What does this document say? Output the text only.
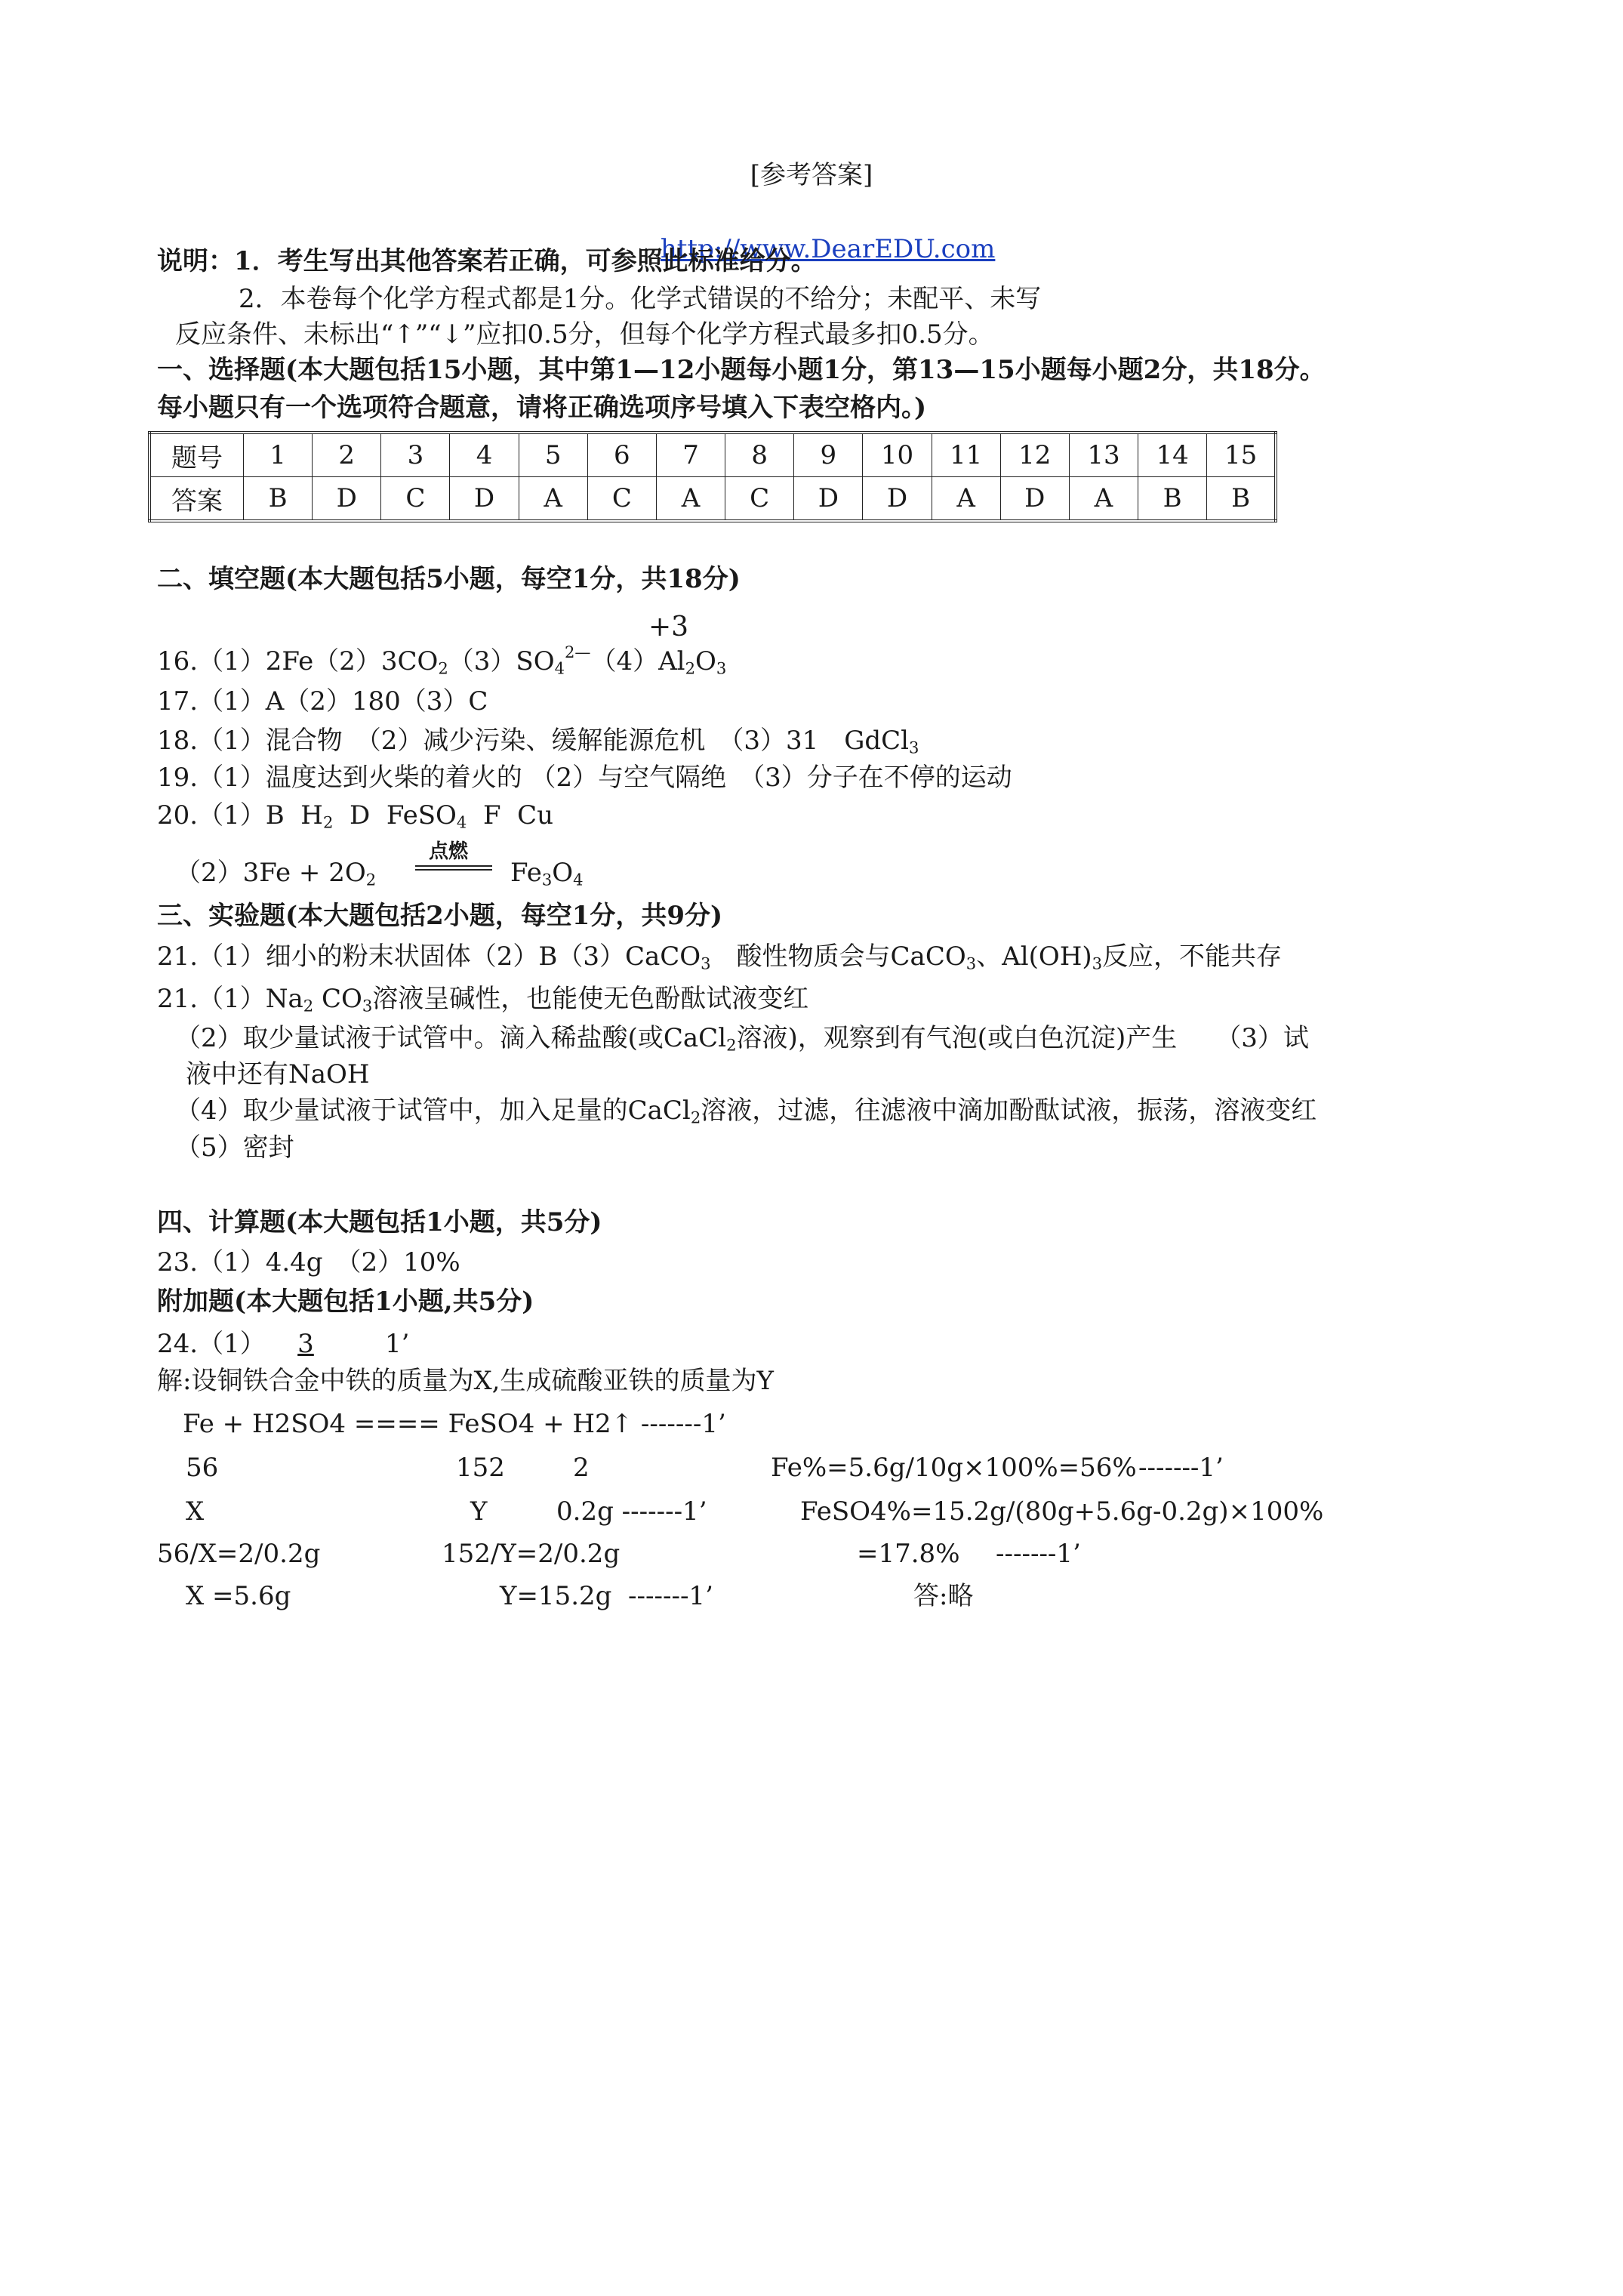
[参考答案]

http://www.DearEDU.com

说明：1．考生写出其他答案若正确，可参照此标准给分。
2．本卷每个化学方程式都是1分。化学式错误的不给分；未配平、未写
反应条件、未标出“↑”“↓”应扣0.5分，但每个化学方程式最多扣0.5分。
一、选择题(本大题包括15小题，其中第1—12小题每小题1分，第13—15小题每小题2分，共18分。
每小题只有一个选项符合题意，请将正确选项序号填入下表空格内。)
题号	1	2	3	4	5	6	7	8	9	10	11	12	13	14	15
答案	B	D	C	D	A	C	A	C	D	D	A	D	A	B	B
二、填空题(本大题包括5小题，每空1分，共18分)
+3
$16.(1)2Fe(2)3CO_2(3)SO_4^{2—}(4)Al_2O_3$
17.（1）A（2）180（3）C
18.（1）混合物　（2）减少污染、缓解能源危机　（3）31　GdCl$_3$
19.（1）温度达到火柴的着火的 （2）与空气隔绝　（3）分子在不停的运动
20.（1）B  $H_2$  D  FeSO$_4$  F  Cu
$(2)3Fe + 2O_2$
点燃
$Fe_3O_4$
三、实验题(本大题包括2小题，每空1分，共9分)
21.（1）细小的粉末状固体（2）B（3）CaCO$_3$　酸性物质会与CaCO$_3$、$Al(OH)_3$反应，不能共存
$21.(1)Na_2$ $CO_3$溶液呈碱性，也能使无色酚酞试液变红
（2）取少量试液于试管中。滴入稀盐酸(或CaCl$_2$溶液)，观察到有气泡(或白色沉淀)产生　　（3）试
液中还有NaOH
（4）取少量试液于试管中，加入足量的CaCl$_2$溶液，过滤，往滤液中滴加酚酞试液，振荡，溶液变红
（5）密封
四、计算题(本大题包括1小题，共5分)
23.（1）4.4g　（2）10%
附加题(本大题包括1小题,共5分)
24.（1）	3	1’
解:设铜铁合金中铁的质量为X,生成硫酸亚铁的质量为Y
Fe + H2SO4 ==== FeSO4 + H2↑ -------1’
56	152	2	Fe%=5.6g/10g×100%=56% -------1’
X	Y	0.2g -------1’	FeSO4%=15.2g/(80g+5.6g-0.2g)×100%
56/X=2/0.2g	152/Y=2/0.2g	=17.8% -------1’
X =5.6g	Y=15.2g  -------1’	答:略
